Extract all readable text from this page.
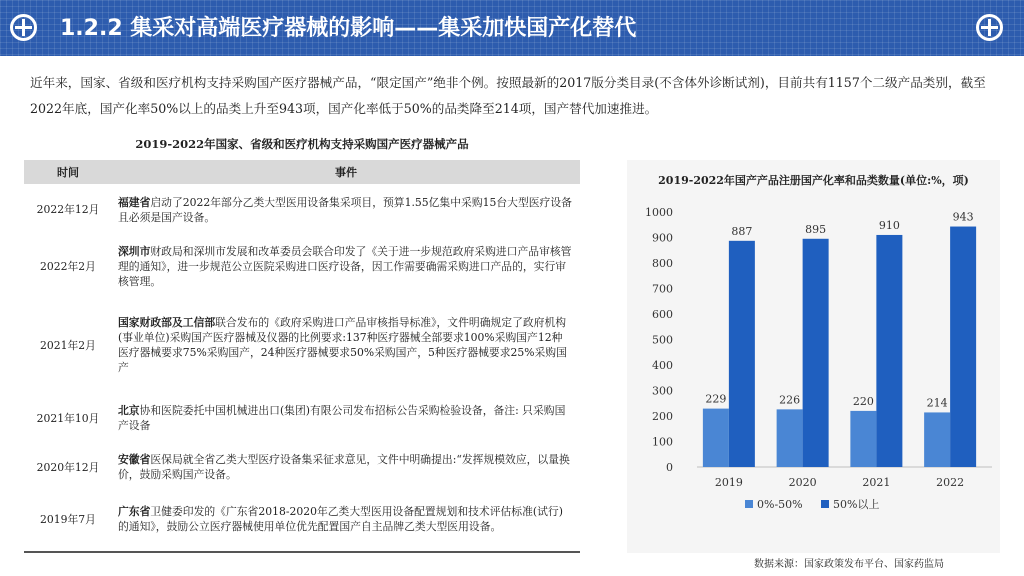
1.2.2 集采对高端医疗器械的影响——集采加快国产化替代

近年来，国家、省级和医疗机构支持采购国产医疗器械产品，“限定国产”绝非个例。按照最新的2017版分类目录(不含体外诊断试剂)，目前共有1157个二级产品类别，截至2022年底，国产化率50%以上的品类上升至943项，国产化率低于50%的品类降至214项，国产替代加速推进。

2019-2022年国家、省级和医疗机构支持采购国产医疗器械产品
时间	事件
2022年12月	福建省启动了2022年部分乙类大型医用设备集采项目，预算1.55亿集中采购15台大型医疗设备且必须是国产设备。
2022年2月	深圳市财政局和深圳市发展和改革委员会联合印发了《关于进一步规范政府采购进口产品审核管理的通知》，进一步规范公立医院采购进口医疗设备，因工作需要确需采购进口产品的，实行审核管理。
2021年2月	国家财政部及工信部联合发布的《政府采购进口产品审核指导标准》，文件明确规定了政府机构(事业单位)采购国产医疗器械及仪器的比例要求:137种医疗器械全部要求100%采购国产12种医疗器械要求75%采购国产，24种医疗器械要求50%采购国产，5种医疗器械要求25%采购国产
2021年10月	北京协和医院委托中国机械进出口(集团)有限公司发布招标公告采购检验设备，备注: 只采购国产设备
2020年12月	安徽省医保局就全省乙类大型医疗设备集采征求意见，文件中明确提出:“发挥规模效应，以量换价，鼓励采购国产设备。
2019年7月	广东省卫健委印发的《广东省2018-2020年乙类大型医用设备配置规划和技术评估标准(试行)的通知》，鼓励公立医疗器械使用单位优先配置国产自主品牌乙类大型医用设备。
2019-2022年国产产品注册国产化率和品类数量(单位:%，项)
0
100
200
300
400
500
600
700
800
900
1000
229
887
2019
226
895
2020
220
910
2021
214
943
2022
0%-50%	50%以上
数据来源：国家政策发布平台、国家药监局
